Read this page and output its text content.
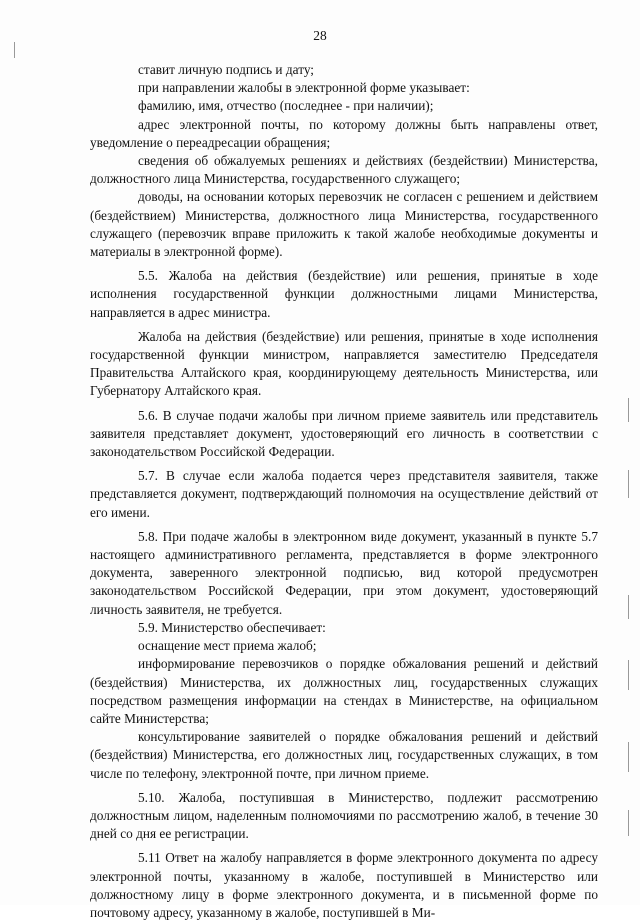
28

ставит личную подпись и дату;

при направлении жалобы в электронной форме указывает:

фамилию, имя, отчество (последнее - при наличии);

адрес электронной почты, по которому должны быть направлены ответ, уведомление о переадресации обращения;

сведения об обжалуемых решениях и действиях (бездействии) Министерства, должностного лица Министерства, государственного служащего;

доводы, на основании которых перевозчик не согласен с решением и действием (бездействием) Министерства, должностного лица Министерства, государственного служащего (перевозчик вправе приложить к такой жалобе необходимые документы и материалы в электронной форме).

5.5. Жалоба на действия (бездействие) или решения, принятые в ходе исполнения государственной функции должностными лицами Министерства, направляется в адрес министра.

Жалоба на действия (бездействие) или решения, принятые в ходе исполнения государственной функции министром, направляется заместителю Председателя Правительства Алтайского края, координирующему деятельность Министерства, или Губернатору Алтайского края.

5.6. В случае подачи жалобы при личном приеме заявитель или представитель заявителя представляет документ, удостоверяющий его личность в соответствии с законодательством Российской Федерации.

5.7. В случае если жалоба подается через представителя заявителя, также представляется документ, подтверждающий полномочия на осуществление действий от его имени.

5.8. При подаче жалобы в электронном виде документ, указанный в пункте 5.7 настоящего административного регламента, представляется в форме электронного документа, заверенного электронной подписью, вид которой предусмотрен законодательством Российской Федерации, при этом документ, удостоверяющий личность заявителя, не требуется.

5.9. Министерство обеспечивает:

оснащение мест приема жалоб;

информирование перевозчиков о порядке обжалования решений и действий (бездействия) Министерства, их должностных лиц, государственных служащих посредством размещения информации на стендах в Министерстве, на официальном сайте Министерства;

консультирование заявителей о порядке обжалования решений и действий (бездействия) Министерства, его должностных лиц, государственных служащих, в том числе по телефону, электронной почте, при личном приеме.

5.10. Жалоба, поступившая в Министерство, подлежит рассмотрению должностным лицом, наделенным полномочиями по рассмотрению жалоб, в течение 30 дней со дня ее регистрации.

5.11 Ответ на жалобу направляется в форме электронного документа по адресу электронной почты, указанному в жалобе, поступившей в Министерство или должностному лицу в форме электронного документа, и в письменной форме по почтовому адресу, указанному в жалобе, поступившей в Ми-
